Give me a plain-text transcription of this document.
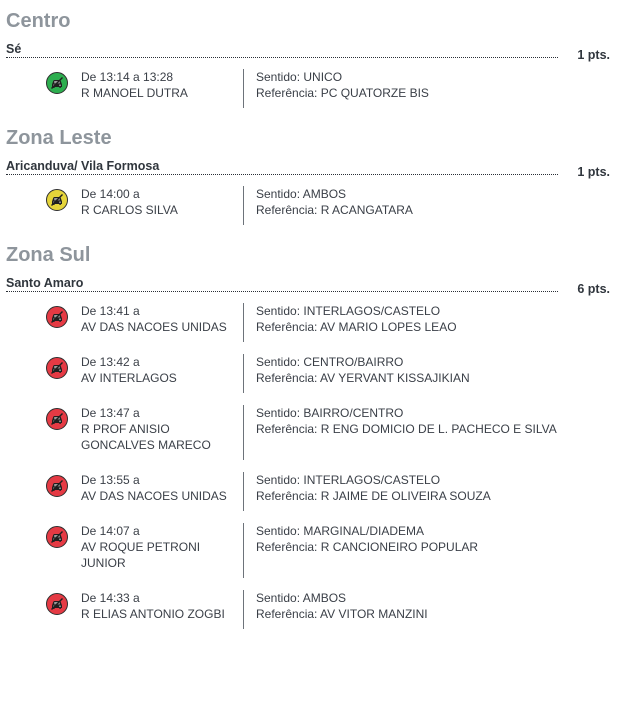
Centro
Sé	1 pts.
De 13:14 a 13:28
R MANOEL DUTRA
Sentido: UNICO
Referência: PC QUATORZE BIS
Zona Leste
Aricanduva/ Vila Formosa	1 pts.
De 14:00 a
R CARLOS SILVA
Sentido: AMBOS
Referência: R ACANGATARA
Zona Sul
Santo Amaro	6 pts.
De 13:41 a
AV DAS NACOES UNIDAS
Sentido: INTERLAGOS/CASTELO
Referência: AV MARIO LOPES LEAO
De 13:42 a
AV INTERLAGOS
Sentido: CENTRO/BAIRRO
Referência: AV YERVANT KISSAJIKIAN
De 13:47 a
R PROF ANISIO
GONCALVES MARECO
Sentido: BAIRRO/CENTRO
Referência: R ENG DOMICIO DE L. PACHECO E SILVA
De 13:55 a
AV DAS NACOES UNIDAS
Sentido: INTERLAGOS/CASTELO
Referência: R JAIME DE OLIVEIRA SOUZA
De 14:07 a
AV ROQUE PETRONI
JUNIOR
Sentido: MARGINAL/DIADEMA
Referência: R CANCIONEIRO POPULAR
De 14:33 a
R ELIAS ANTONIO ZOGBI
Sentido: AMBOS
Referência: AV VITOR MANZINI
